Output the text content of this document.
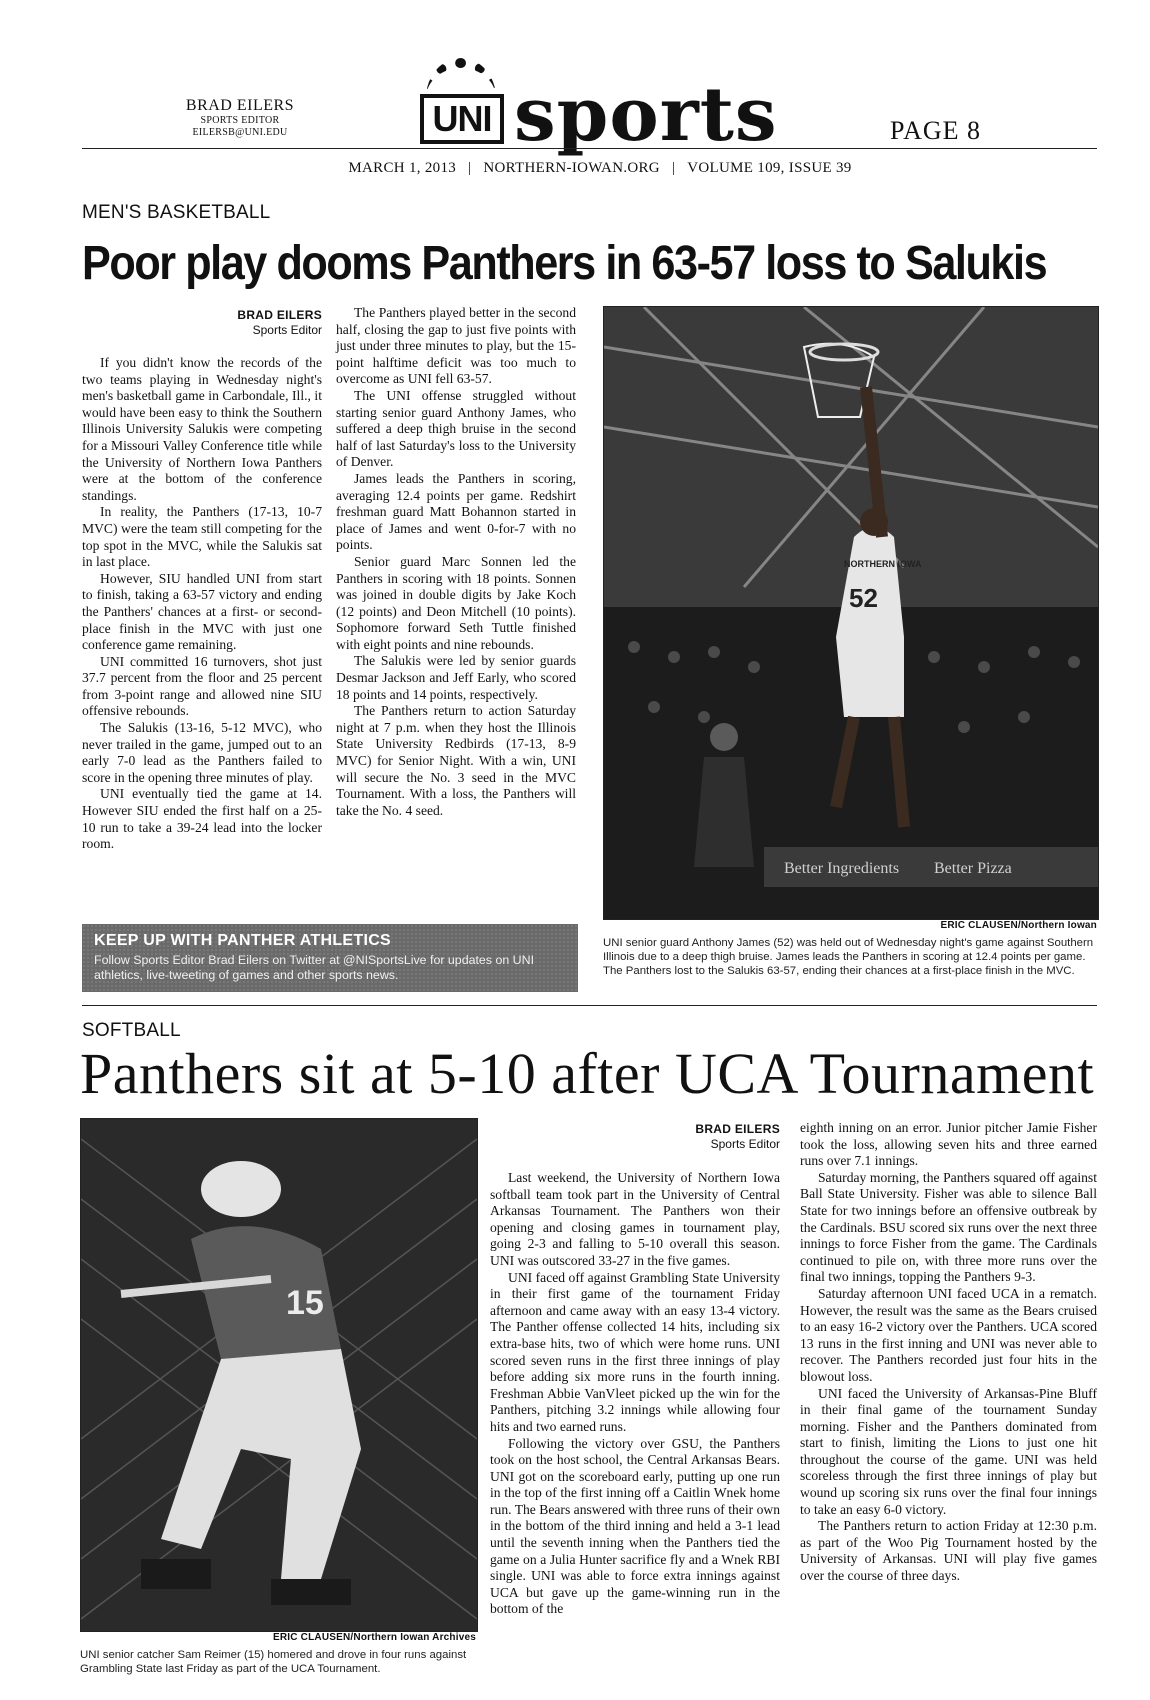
BRAD EILERS
SPORTS EDITOR
EILERSB@UNI.EDU	UNI sports	PAGE 8
MARCH 1, 2013 | NORTHERN-IOWAN.ORG | VOLUME 109, ISSUE 39
MEN'S BASKETBALL
Poor play dooms Panthers in 63-57 loss to Salukis
BRAD EILERS
Sports Editor

If you didn't know the records of the two teams playing in Wednesday night's men's basketball game in Carbondale, Ill., it would have been easy to think the Southern Illinois University Salukis were competing for a Missouri Valley Conference title while the University of Northern Iowa Panthers were at the bottom of the conference standings.

In reality, the Panthers (17-13, 10-7 MVC) were the team still competing for the top spot in the MVC, while the Salukis sat in last place.

However, SIU handled UNI from start to finish, taking a 63-57 victory and ending the Panthers' chances at a first- or second-place finish in the MVC with just one conference game remaining.

UNI committed 16 turnovers, shot just 37.7 percent from the floor and 25 percent from 3-point range and allowed nine SIU offensive rebounds.

The Salukis (13-16, 5-12 MVC), who never trailed in the game, jumped out to an early 7-0 lead as the Panthers failed to score in the opening three minutes of play.

UNI eventually tied the game at 14. However SIU ended the first half on a 25-10 run to take a 39-24 lead into the locker room.

The Panthers played better in the second half, closing the gap to just five points with just under three minutes to play, but the 15-point halftime deficit was too much to overcome as UNI fell 63-57.

The UNI offense struggled without starting senior guard Anthony James, who suffered a deep thigh bruise in the second half of last Saturday's loss to the University of Denver.

James leads the Panthers in scoring, averaging 12.4 points per game. Redshirt freshman guard Matt Bohannon started in place of James and went 0-for-7 with no points.

Senior guard Marc Sonnen led the Panthers in scoring with 18 points. Sonnen was joined in double digits by Jake Koch (12 points) and Deon Mitchell (10 points). Sophomore forward Seth Tuttle finished with eight points and nine rebounds.

The Salukis were led by senior guards Desmar Jackson and Jeff Early, who scored 18 points and 14 points, respectively.

The Panthers return to action Saturday night at 7 p.m. when they host the Illinois State University Redbirds (17-13, 8-9 MVC) for Senior Night. With a win, UNI will secure the No. 3 seed in the MVC Tournament. With a loss, the Panthers will take the No. 4 seed.

Better Ingredients Better Pizza
52
NORTHERN IOWA
ERIC CLAUSEN/Northern Iowan
UNI senior guard Anthony James (52) was held out of Wednesday night's game against Southern Illinois due to a deep thigh bruise. James leads the Panthers in scoring at 12.4 points per game. The Panthers lost to the Salukis 63-57, ending their chances at a first-place finish in the MVC.
KEEP UP WITH PANTHER ATHLETICS
Follow Sports Editor Brad Eilers on Twitter at @NISportsLive for updates on UNI athletics, live-tweeting of games and other sports news.
SOFTBALL
Panthers sit at 5-10 after UCA Tournament
15
ERIC CLAUSEN/Northern Iowan Archives
UNI senior catcher Sam Reimer (15) homered and drove in four runs against Grambling State last Friday as part of the UCA Tournament.
BRAD EILERS
Sports Editor

Last weekend, the University of Northern Iowa softball team took part in the University of Central Arkansas Tournament. The Panthers won their opening and closing games in tournament play, going 2-3 and falling to 5-10 overall this season. UNI was outscored 33-27 in the five games.

UNI faced off against Grambling State University in their first game of the tournament Friday afternoon and came away with an easy 13-4 victory. The Panther offense collected 14 hits, including six extra-base hits, two of which were home runs. UNI scored seven runs in the first three innings of play before adding six more runs in the fourth inning. Freshman Abbie VanVleet picked up the win for the Panthers, pitching 3.2 innings while allowing four hits and two earned runs.

Following the victory over GSU, the Panthers took on the host school, the Central Arkansas Bears. UNI got on the scoreboard early, putting up one run in the top of the first inning off a Caitlin Wnek home run. The Bears answered with three runs of their own in the bottom of the third inning and held a 3-1 lead until the seventh inning when the Panthers tied the game on a Julia Hunter sacrifice fly and a Wnek RBI single. UNI was able to force extra innings against UCA but gave up the game-winning run in the bottom of the

eighth inning on an error. Junior pitcher Jamie Fisher took the loss, allowing seven hits and three earned runs over 7.1 innings.

Saturday morning, the Panthers squared off against Ball State University. Fisher was able to silence Ball State for two innings before an offensive outbreak by the Cardinals. BSU scored six runs over the next three innings to force Fisher from the game. The Cardinals continued to pile on, with three more runs over the final two innings, topping the Panthers 9-3.

Saturday afternoon UNI faced UCA in a rematch. However, the result was the same as the Bears cruised to an easy 16-2 victory over the Panthers. UCA scored 13 runs in the first inning and UNI was never able to recover. The Panthers recorded just four hits in the blowout loss.

UNI faced the University of Arkansas-Pine Bluff in their final game of the tournament Sunday morning. Fisher and the Panthers dominated from start to finish, limiting the Lions to just one hit throughout the course of the game. UNI was held scoreless through the first three innings of play but wound up scoring six runs over the final four innings to take an easy 6-0 victory.

The Panthers return to action Friday at 12:30 p.m. as part of the Woo Pig Tournament hosted by the University of Arkansas. UNI will play five games over the course of three days.
